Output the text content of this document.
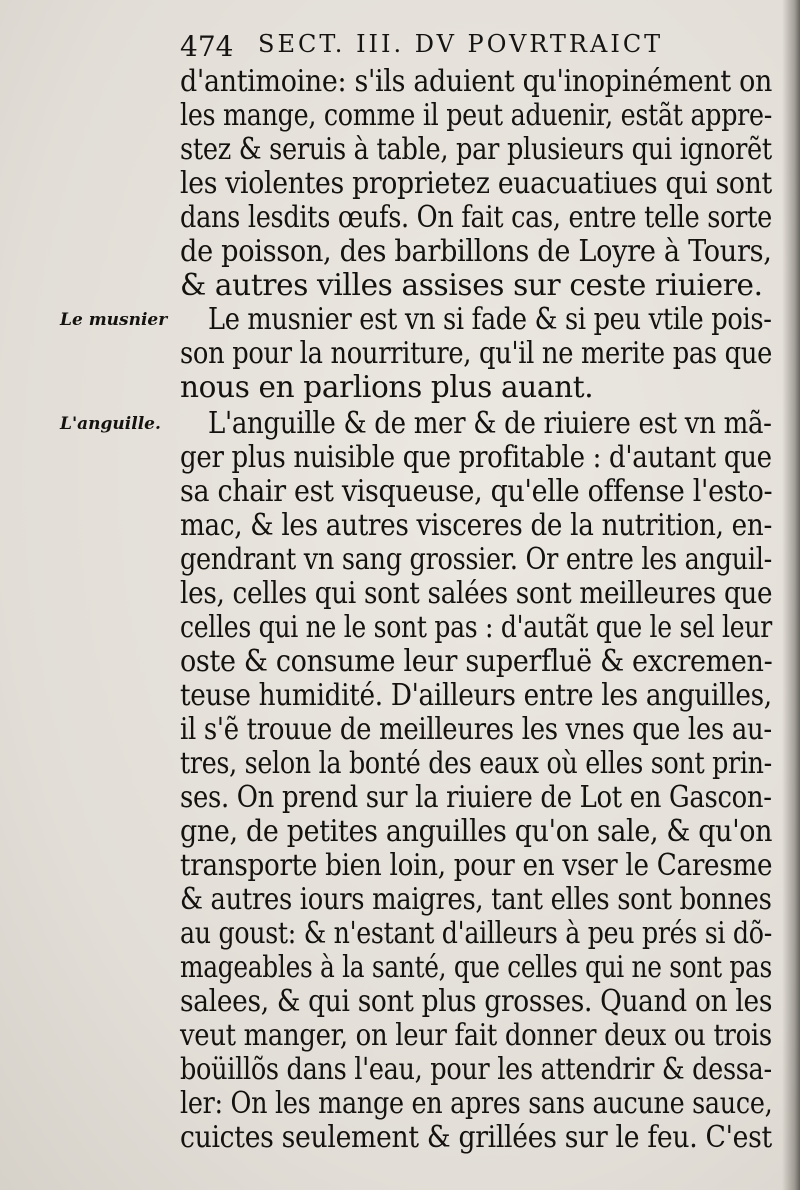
474 SECT. III. DV POVRTRAICT
d'antimoine: s'ils aduient qu'inopinément on
les mange, comme il peut aduenir, estãt appre-
stez & seruis à table, par plusieurs qui ignorẽt
les violentes proprietez euacuatiues qui sont
dans lesdits œufs. On fait cas, entre telle sorte
de poisson, des barbillons de Loyre à Tours,
& autres villes assises sur ceste riuiere.
Le musnier Le musnier est vn si fade & si peu vtile pois-
son pour la nourriture, qu'il ne merite pas que
nous en parlions plus auant.
L'anguille. L'anguille & de mer & de riuiere est vn mã-
ger plus nuisible que profitable : d'autant que
sa chair est visqueuse, qu'elle offense l'esto-
mac, & les autres visceres de la nutrition, en-
gendrant vn sang grossier. Or entre les anguil-
les, celles qui sont salées sont meilleures que
celles qui ne le sont pas : d'autãt que le sel leur
oste & consume leur superfluë & excremen-
teuse humidité. D'ailleurs entre les anguilles,
il s'ẽ trouue de meilleures les vnes que les au-
tres, selon la bonté des eaux où elles sont prin-
ses. On prend sur la riuiere de Lot en Gascon-
gne, de petites anguilles qu'on sale, & qu'on
transporte bien loin, pour en vser le Caresme
& autres iours maigres, tant elles sont bonnes
au goust: & n'estant d'ailleurs à peu prés si dõ-
mageables à la santé, que celles qui ne sont pas
salees, & qui sont plus grosses. Quand on les
veut manger, on leur fait donner deux ou trois
boüillõs dans l'eau, pour les attendrir & dessa-
ler: On les mange en apres sans aucune sauce,
cuictes seulement & grillées sur le feu. C'est
